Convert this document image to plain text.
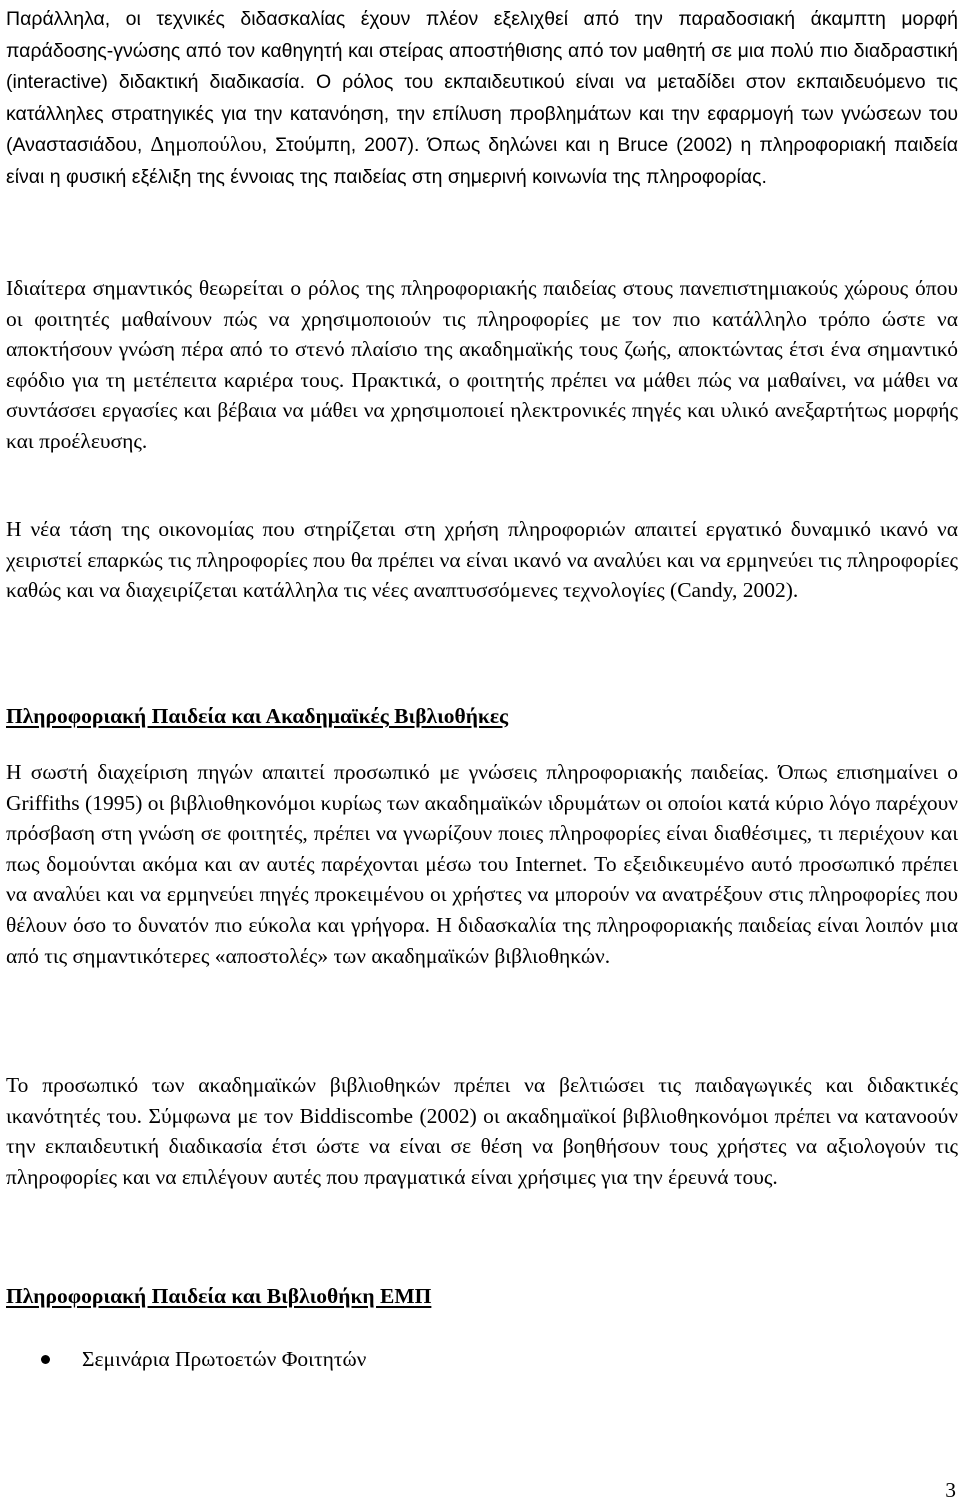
Παράλληλα, οι τεχνικές διδασκαλίας έχουν πλέον εξελιχθεί από την παραδοσιακή άκαμπτη μορφή παράδοσης-γνώσης από τον καθηγητή και στείρας αποστήθισης από τον μαθητή σε μια πολύ πιο διαδραστική (interactive) διδακτική διαδικασία. Ο ρόλος του εκπαιδευτικού είναι να μεταδίδει στον εκπαιδευόμενο τις κατάλληλες στρατηγικές για την κατανόηση, την επίλυση προβλημάτων και την εφαρμογή των γνώσεων του (Αναστασιάδου, Δημοπούλου, Στούμπη, 2007). Όπως δηλώνει και η Bruce (2002) η πληροφοριακή παιδεία είναι η φυσική εξέλιξη της έννοιας της παιδείας στη σημερινή κοινωνία της πληροφορίας.

Ιδιαίτερα σημαντικός θεωρείται ο ρόλος της πληροφοριακής παιδείας στους πανεπιστημιακούς χώρους όπου οι φοιτητές μαθαίνουν πώς να χρησιμοποιούν τις πληροφορίες με τον πιο κατάλληλο τρόπο ώστε να αποκτήσουν γνώση πέρα από το στενό πλαίσιο της ακαδημαϊκής τους ζωής, αποκτώντας έτσι ένα σημαντικό εφόδιο για τη μετέπειτα καριέρα τους. Πρακτικά, ο φοιτητής πρέπει να μάθει πώς να μαθαίνει, να μάθει να συντάσσει εργασίες και βέβαια να μάθει να χρησιμοποιεί ηλεκτρονικές πηγές και υλικό ανεξαρτήτως μορφής και προέλευσης.

Η νέα τάση της οικονομίας που στηρίζεται στη χρήση πληροφοριών απαιτεί εργατικό δυναμικό ικανό να χειριστεί επαρκώς τις πληροφορίες που θα πρέπει να είναι ικανό να αναλύει και να ερμηνεύει τις πληροφορίες καθώς και να διαχειρίζεται κατάλληλα τις νέες αναπτυσσόμενες τεχνολογίες (Candy, 2002).

Πληροφοριακή Παιδεία και Ακαδημαϊκές Βιβλιοθήκες

Η σωστή διαχείριση πηγών απαιτεί προσωπικό με γνώσεις πληροφοριακής παιδείας. Όπως επισημαίνει ο Griffiths (1995) οι βιβλιοθηκονόμοι κυρίως των ακαδημαϊκών ιδρυμάτων οι οποίοι κατά κύριο λόγο παρέχουν πρόσβαση στη γνώση σε φοιτητές, πρέπει να γνωρίζουν ποιες πληροφορίες είναι διαθέσιμες, τι περιέχουν και πως δομούνται ακόμα και αν αυτές παρέχονται μέσω του Internet. Το εξειδικευμένο αυτό προσωπικό πρέπει να αναλύει και να ερμηνεύει πηγές προκειμένου οι χρήστες να μπορούν να ανατρέξουν στις πληροφορίες που θέλουν όσο το δυνατόν πιο εύκολα και γρήγορα. Η διδασκαλία της πληροφοριακής παιδείας είναι λοιπόν μια από τις σημαντικότερες «αποστολές» των ακαδημαϊκών βιβλιοθηκών.

Το προσωπικό των ακαδημαϊκών βιβλιοθηκών πρέπει να βελτιώσει τις παιδαγωγικές και διδακτικές ικανότητές του. Σύμφωνα με τον Biddiscombe (2002) οι ακαδημαϊκοί βιβλιοθηκονόμοι πρέπει να κατανοούν την εκπαιδευτική διαδικασία έτσι ώστε να είναι σε θέση να βοηθήσουν τους χρήστες να αξιολογούν τις πληροφορίες και να επιλέγουν αυτές που πραγματικά είναι χρήσιμες για την έρευνά τους.

Πληροφοριακή Παιδεία και Βιβλιοθήκη ΕΜΠ
Σεμινάρια Πρωτοετών Φοιτητών
3
